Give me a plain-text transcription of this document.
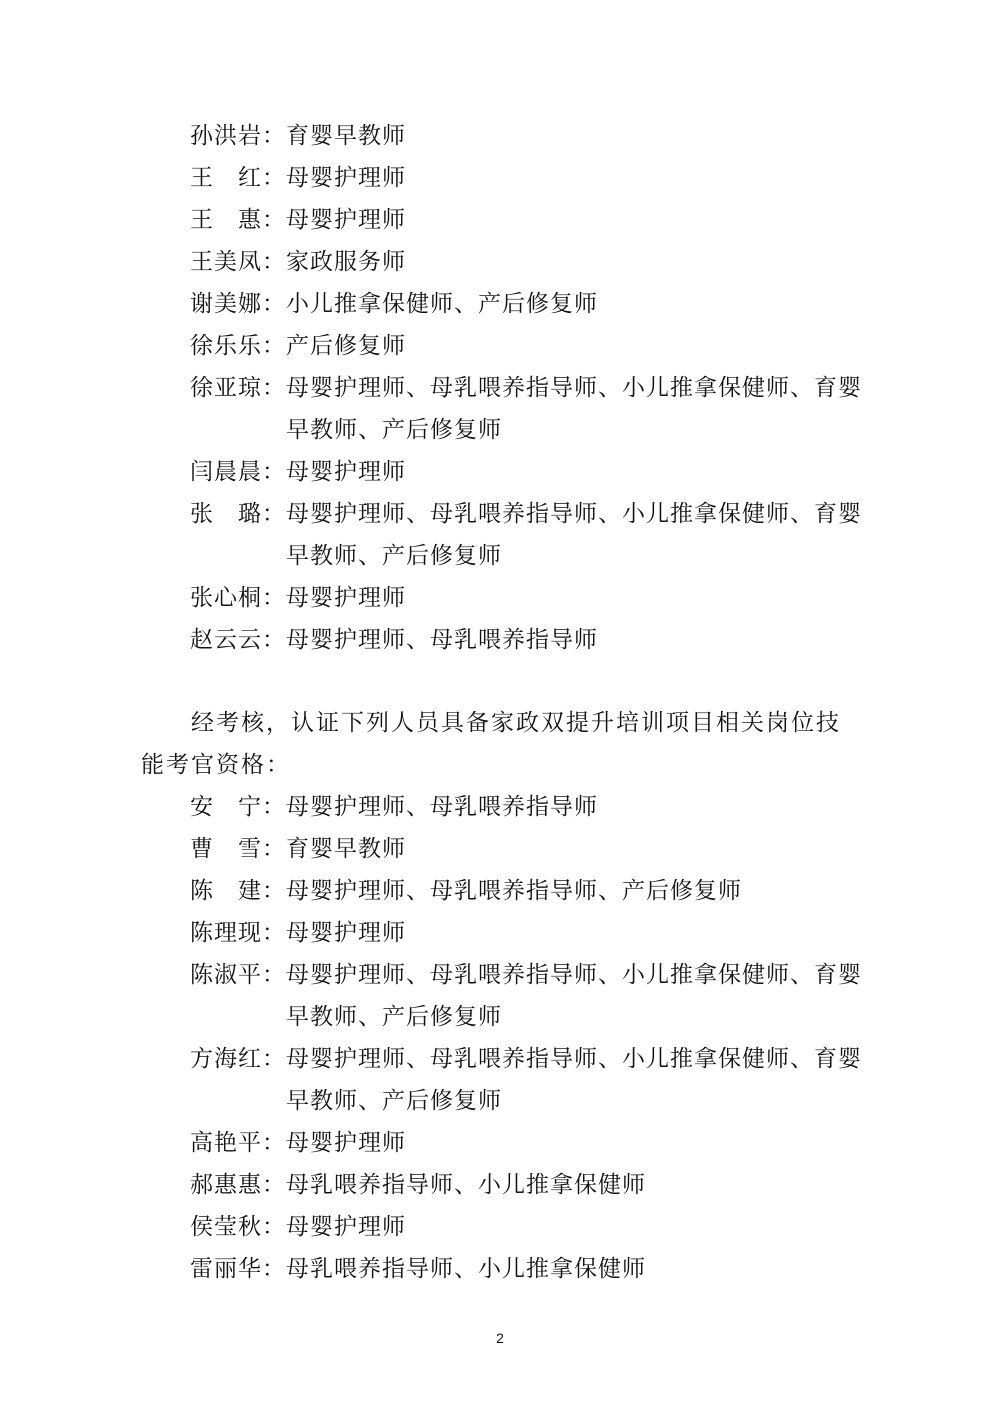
孙洪岩： 育婴早教师
王　红： 母婴护理师
王　惠： 母婴护理师
王美凤： 家政服务师
谢美娜： 小儿推拿保健师、产后修复师
徐乐乐： 产后修复师
徐亚琼： 母婴护理师、母乳喂养指导师、小儿推拿保健师、育婴早教师、产后修复师
闫晨晨： 母婴护理师
张　璐： 母婴护理师、母乳喂养指导师、小儿推拿保健师、育婴早教师、产后修复师
张心桐： 母婴护理师
赵云云： 母婴护理师、母乳喂养指导师
经考核，认证下列人员具备家政双提升培训项目相关岗位技能考官资格：
安　宁： 母婴护理师、母乳喂养指导师
曹　雪： 育婴早教师
陈　建： 母婴护理师、母乳喂养指导师、产后修复师
陈理现： 母婴护理师
陈淑平： 母婴护理师、母乳喂养指导师、小儿推拿保健师、育婴早教师、产后修复师
方海红： 母婴护理师、母乳喂养指导师、小儿推拿保健师、育婴早教师、产后修复师
高艳平： 母婴护理师
郝惠惠： 母乳喂养指导师、小儿推拿保健师
侯莹秋： 母婴护理师
雷丽华： 母乳喂养指导师、小儿推拿保健师
2
